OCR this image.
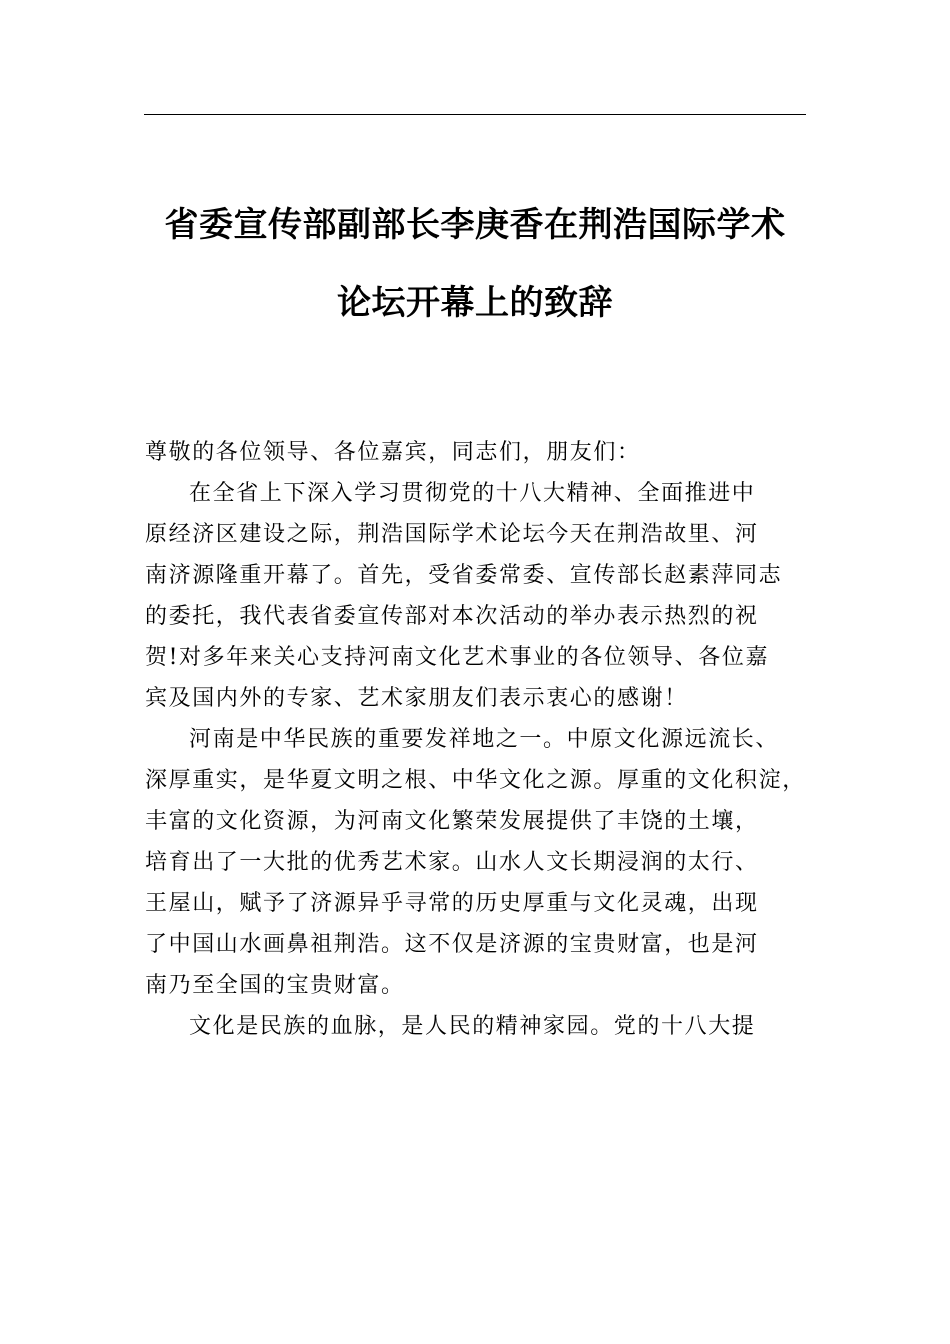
省委宣传部副部长李庚香在荆浩国际学术
论坛开幕上的致辞
尊敬的各位领导、各位嘉宾，同志们，朋友们：
在全省上下深入学习贯彻党的十八大精神、全面推进中
原经济区建设之际，荆浩国际学术论坛今天在荆浩故里、河
南济源隆重开幕了。首先，受省委常委、宣传部长赵素萍同志
的委托，我代表省委宣传部对本次活动的举办表示热烈的祝
贺!对多年来关心支持河南文化艺术事业的各位领导、各位嘉
宾及国内外的专家、艺术家朋友们表示衷心的感谢！
河南是中华民族的重要发祥地之一。中原文化源远流长、
深厚重实，是华夏文明之根、中华文化之源。厚重的文化积淀，
丰富的文化资源，为河南文化繁荣发展提供了丰饶的土壤，
培育出了一大批的优秀艺术家。山水人文长期浸润的太行、
王屋山，赋予了济源异乎寻常的历史厚重与文化灵魂，出现
了中国山水画鼻祖荆浩。这不仅是济源的宝贵财富，也是河
南乃至全国的宝贵财富。
文化是民族的血脉，是人民的精神家园。党的十八大提
